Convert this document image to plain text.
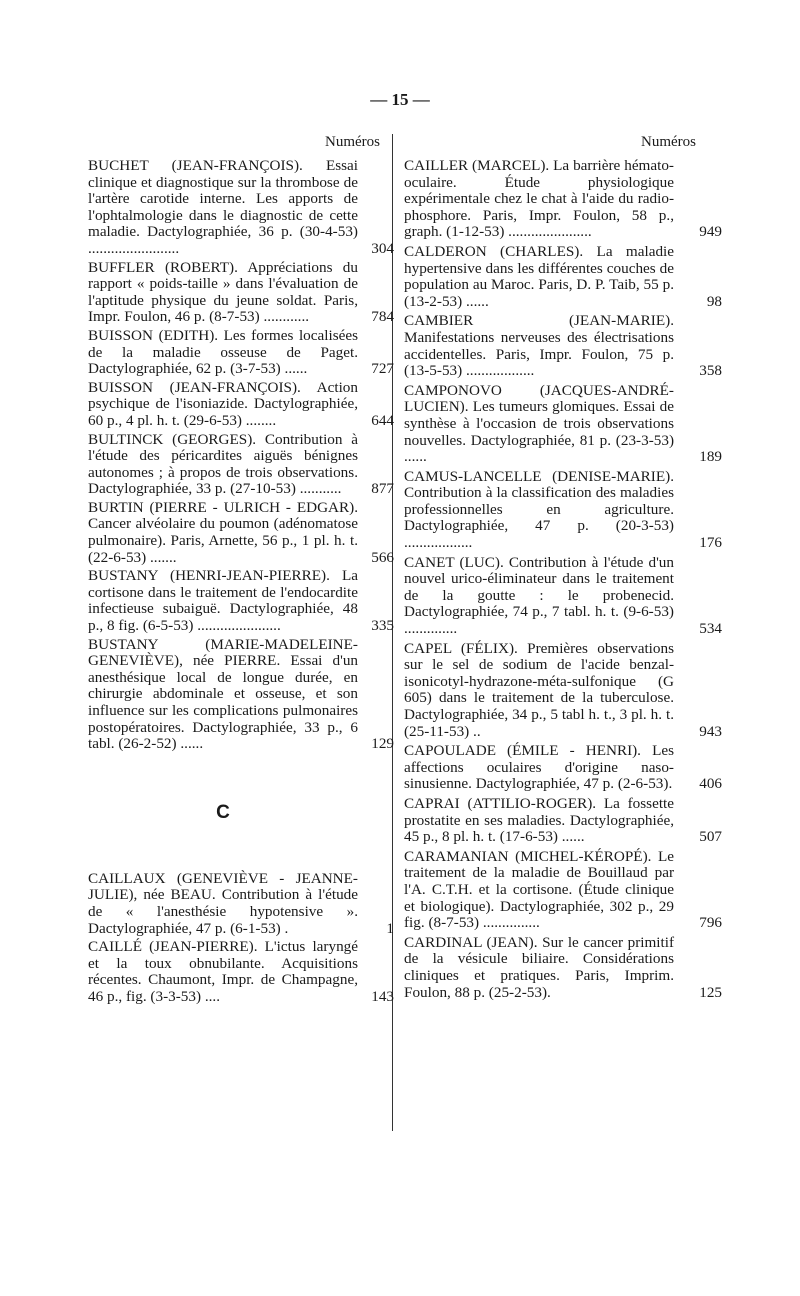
— 15 —
Numéros
BUCHET (JEAN-FRANÇOIS). Essai clinique et diagnostique sur la thrombose de l'artère carotide interne. Les apports de l'ophtalmologie dans le diagnostic de cette maladie. Dactylographiée, 36 p. (30-4-53) ........................	304
BUFFLER (ROBERT). Appréciations du rapport « poids-taille » dans l'évaluation de l'aptitude physique du jeune soldat. Paris, Impr. Foulon, 46 p. (8-7-53) ............	784
BUISSON (EDITH). Les formes localisées de la maladie osseuse de Paget. Dactylographiée, 62 p. (3-7-53) ......	727
BUISSON (JEAN-FRANÇOIS). Action psychique de l'isoniazide. Dactylographiée, 60 p., 4 pl. h. t. (29-6-53) ........	644
BULTINCK (GEORGES). Contribution à l'étude des péricardites aiguës bénignes autonomes ; à propos de trois observations. Dactylographiée, 33 p. (27-10-53) ...........	877
BURTIN (PIERRE - ULRICH - EDGAR). Cancer alvéolaire du poumon (adénomatose pulmonaire). Paris, Arnette, 56 p., 1 pl. h. t. (22-6-53) .......	566
BUSTANY (HENRI-JEAN-PIERRE). La cortisone dans le traitement de l'endocardite infectieuse subaiguë. Dactylographiée, 48 p., 8 fig. (6-5-53) ......................	335
BUSTANY (MARIE-MADELEINE-GENEVIÈVE), née PIERRE. Essai d'un anesthésique local de longue durée, en chirurgie abdominale et osseuse, et son influence sur les complications pulmonaires postopératoires. Dactylographiée, 33 p., 6 tabl. (26-2-52) ......	129
C
CAILLAUX (GENEVIÈVE - JEANNE-JULIE), née BEAU. Contribution à l'étude de « l'anesthésie hypotensive ». Dactylographiée, 47 p. (6-1-53) .	1
CAILLÉ (JEAN-PIERRE). L'ictus laryngé et la toux obnubilante. Acquisitions récentes. Chaumont, Impr. de Champagne, 46 p., fig. (3-3-53) ....	143
Numéros
CAILLER (MARCEL). La barrière hémato-oculaire. Étude physiologique expérimentale chez le chat à l'aide du radio-phosphore. Paris, Impr. Foulon, 58 p., graph. (1-12-53) ......................	949
CALDERON (CHARLES). La maladie hypertensive dans les différentes couches de population au Maroc. Paris, D. P. Taib, 55 p. (13-2-53) ......	98
CAMBIER (JEAN-MARIE). Manifestations nerveuses des électrisations accidentelles. Paris, Impr. Foulon, 75 p. (13-5-53) ..................	358
CAMPONOVO (JACQUES-ANDRÉ-LUCIEN). Les tumeurs glomiques. Essai de synthèse à l'occasion de trois observations nouvelles. Dactylographiée, 81 p. (23-3-53) ......	189
CAMUS-LANCELLE (DENISE-MARIE). Contribution à la classification des maladies professionnelles en agriculture. Dactylographiée, 47 p. (20-3-53) ..................	176
CANET (LUC). Contribution à l'étude d'un nouvel urico-éliminateur dans le traitement de la goutte : le probenecid. Dactylographiée, 74 p., 7 tabl. h. t. (9-6-53) ..............	534
CAPEL (FÉLIX). Premières observations sur le sel de sodium de l'acide benzal-isonicotyl-hydrazone-méta-sulfonique (G 605) dans le traitement de la tuberculose. Dactylographiée, 34 p., 5 tabl h. t., 3 pl. h. t. (25-11-53) ..	943
CAPOULADE (ÉMILE - HENRI). Les affections oculaires d'origine naso-sinusienne. Dactylographiée, 47 p. (2-6-53).	406
CAPRAI (ATTILIO-ROGER). La fossette prostatite en ses maladies. Dactylographiée, 45 p., 8 pl. h. t. (17-6-53) ......	507
CARAMANIAN (MICHEL-KÉROPÉ). Le traitement de la maladie de Bouillaud par l'A. C.T.H. et la cortisone. (Étude clinique et biologique). Dactylographiée, 302 p., 29 fig. (8-7-53) ...............	796
CARDINAL (JEAN). Sur le cancer primitif de la vésicule biliaire. Considérations cliniques et pratiques. Paris, Imprim. Foulon, 88 p. (25-2-53).	125
